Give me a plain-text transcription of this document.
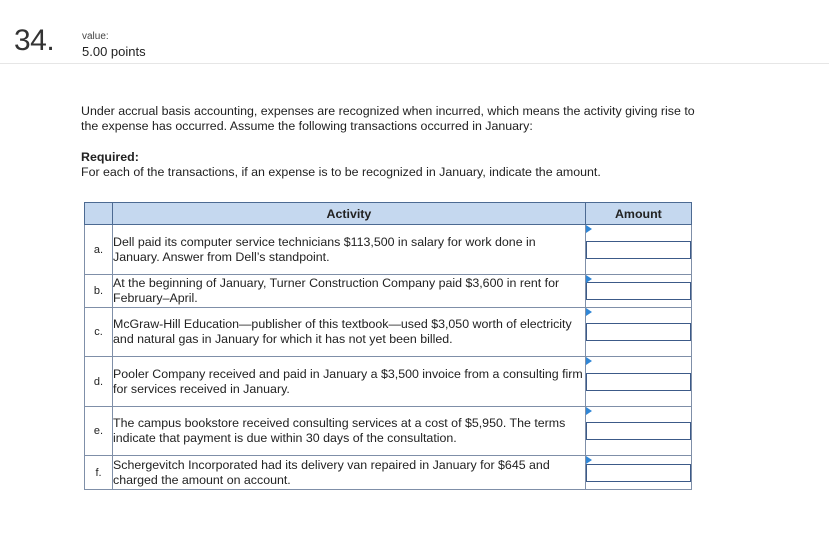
34.	value:
5.00 points
Under accrual basis accounting, expenses are recognized when incurred, which means the activity giving rise to the expense has occurred. Assume the following transactions occurred in January:
Required:
For each of the transactions, if an expense is to be recognized in January, indicate the amount.
	Activity	Amount
a.	Dell paid its computer service technicians $113,500 in salary for work done in January. Answer from Dell’s standpoint.	

b.	At the beginning of January, Turner Construction Company paid $3,600 in rent for February–April.	

c.	McGraw-Hill Education—publisher of this textbook—used $3,050 worth of electricity and natural gas in January for which it has not yet been billed.	

d.	Pooler Company received and paid in January a $3,500 invoice from a consulting firm for services received in January.	

e.	The campus bookstore received consulting services at a cost of $5,950. The terms indicate that payment is due within 30 days of the consultation.	

f.	Schergevitch Incorporated had its delivery van repaired in January for $645 and charged the amount on account.	
